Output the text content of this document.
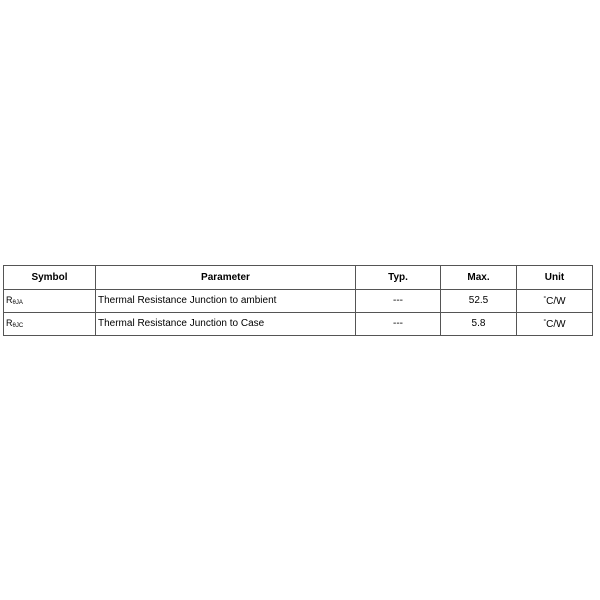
Symbol	Parameter	Typ.	Max.	Unit
RθJA	Thermal Resistance Junction to ambient	---	52.5	°C/W
RθJC	Thermal Resistance Junction to Case	---	5.8	°C/W
